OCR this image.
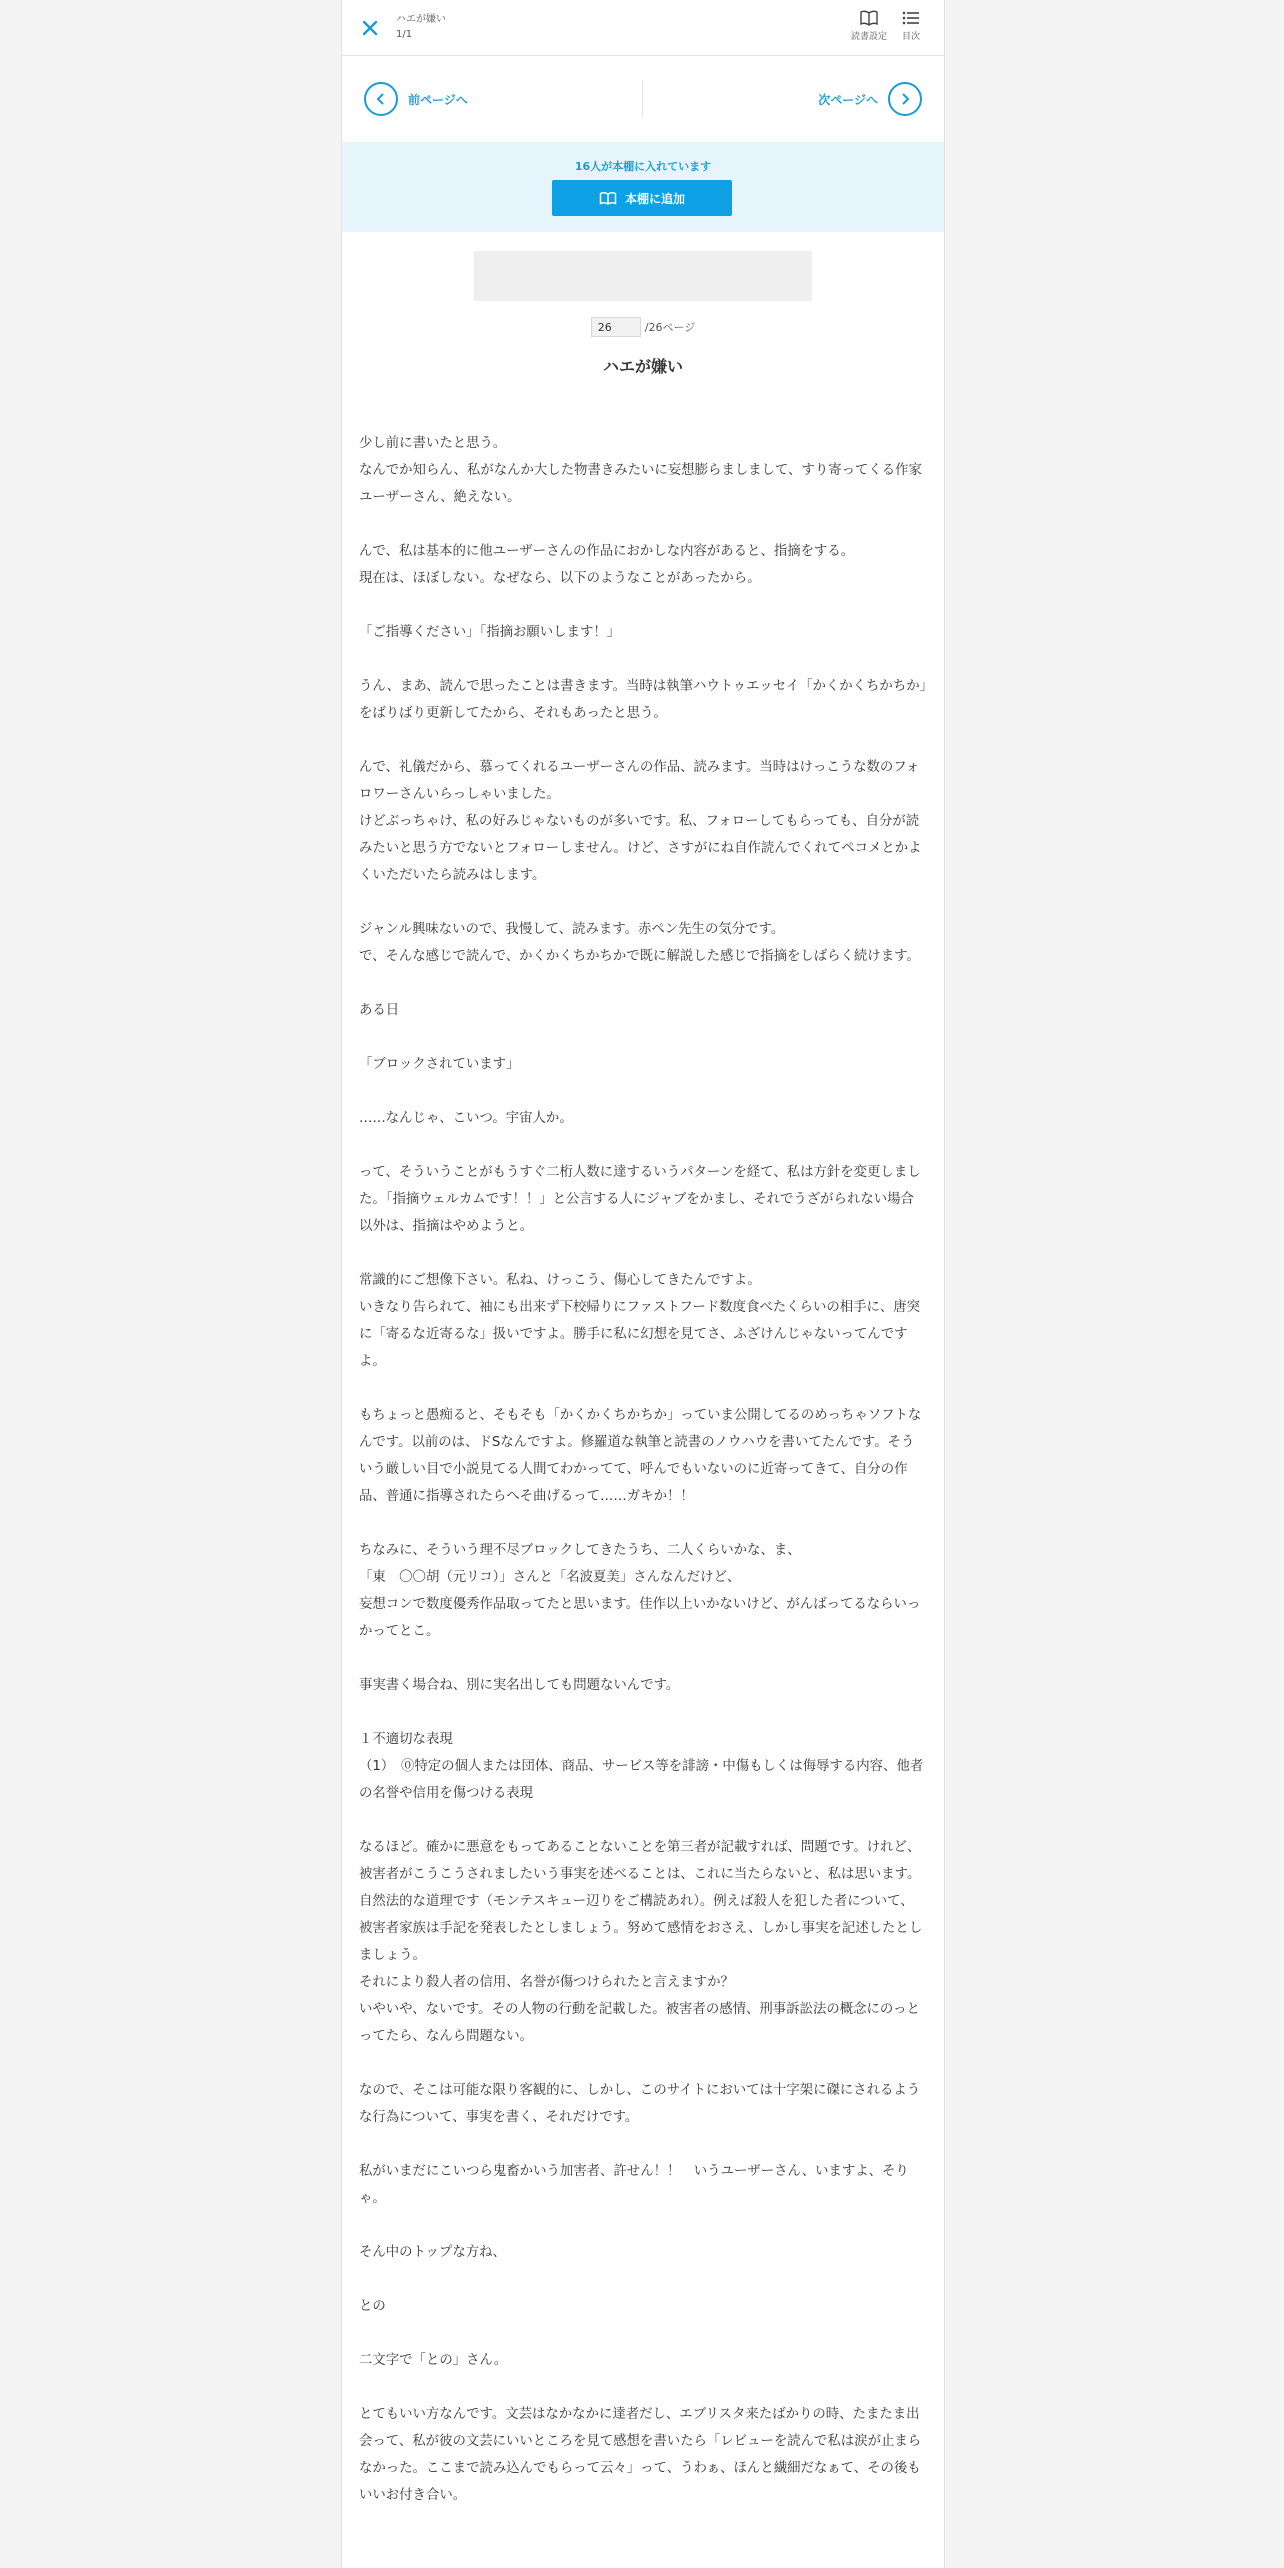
ハエが嫌い
1/1	読書設定	目次
前ページへ	次ページへ
16人が本棚に入れています
本棚に追加
26
/26ページ
ハエが嫌い

少し前に書いたと思う。
なんでか知らん、私がなんか大した物書きみたいに妄想膨らましまして、すり寄ってくる作家ユーザーさん、絶えない。

んで、私は基本的に他ユーザーさんの作品におかしな内容があると、指摘をする。
現在は、ほぼしない。なぜなら、以下のようなことがあったから。

「ご指導ください」「指摘お願いします！」

うん、まあ、読んで思ったことは書きます。当時は執筆ハウトゥエッセイ「かくかくちかちか」をばりばり更新してたから、それもあったと思う。

んで、礼儀だから、慕ってくれるユーザーさんの作品、読みます。当時はけっこうな数のフォロワーさんいらっしゃいました。
けどぶっちゃけ、私の好みじゃないものが多いです。私、フォローしてもらっても、自分が読みたいと思う方でないとフォローしません。けど、さすがにね自作読んでくれてペコメとかよくいただいたら読みはします。

ジャンル興味ないので、我慢して、読みます。赤ペン先生の気分です。
で、そんな感じで読んで、かくかくちかちかで既に解説した感じで指摘をしばらく続けます。

ある日

「ブロックされています」

……なんじゃ、こいつ。宇宙人か。

って、そういうことがもうすぐ二桁人数に達するいうパターンを経て、私は方針を変更しました。「指摘ウェルカムです！！」と公言する人にジャブをかまし、それでうざがられない場合以外は、指摘はやめようと。

常識的にご想像下さい。私ね、けっこう、傷心してきたんですよ。
いきなり告られて、袖にも出来ず下校帰りにファストフード数度食べたくらいの相手に、唐突に「寄るな近寄るな」扱いですよ。勝手に私に幻想を見てさ、ふざけんじゃないってんですよ。

もちょっと愚痴ると、そもそも「かくかくちかちか」っていま公開してるのめっちゃソフトなんです。以前のは、ドSなんですよ。修羅道な執筆と読書のノウハウを書いてたんです。そういう厳しい目で小説見てる人間てわかってて、呼んでもいないのに近寄ってきて、自分の作品、普通に指導されたらへそ曲げるって……ガキか！！

ちなみに、そういう理不尽ブロックしてきたうち、二人くらいかな、ま、
「東　〇〇胡（元リコ）」さんと「名波夏美」さんなんだけど、
妄想コンで数度優秀作品取ってたと思います。佳作以上いかないけど、がんばってるならいっかってとこ。

事実書く場合ね、別に実名出しても問題ないんです。

１不適切な表現
（1）　⓪特定の個人または団体、商品、サービス等を誹謗・中傷もしくは侮辱する内容、他者の名誉や信用を傷つける表現

なるほど。確かに悪意をもってあることないことを第三者が記載すれば、問題です。けれど、被害者がこうこうされましたいう事実を述べることは、これに当たらないと、私は思います。自然法的な道理です（モンテスキュー辺りをご構読あれ）。例えば殺人を犯した者について、被害者家族は手記を発表したとしましょう。努めて感情をおさえ、しかし事実を記述したとしましょう。
それにより殺人者の信用、名誉が傷つけられたと言えますか？
いやいや、ないです。その人物の行動を記載した。被害者の感情、刑事訴訟法の概念にのっとってたら、なんら問題ない。

なので、そこは可能な限り客観的に、しかし、このサイトにおいては十字架に磔にされるような行為について、事実を書く、それだけです。

私がいまだにこいつら鬼畜かいう加害者、許せん！！　いうユーザーさん、いますよ、そりゃ。

そん中のトップな方ね、

との

二文字で「との」さん。

とてもいい方なんです。文芸はなかなかに達者だし、エブリスタ来たばかりの時、たまたま出会って、私が彼の文芸にいいところを見て感想を書いたら「レビューを読んで私は涙が止まらなかった。ここまで読み込んでもらって云々」って、うわぁ、ほんと繊細だなぁて、その後もいいお付き合い。
